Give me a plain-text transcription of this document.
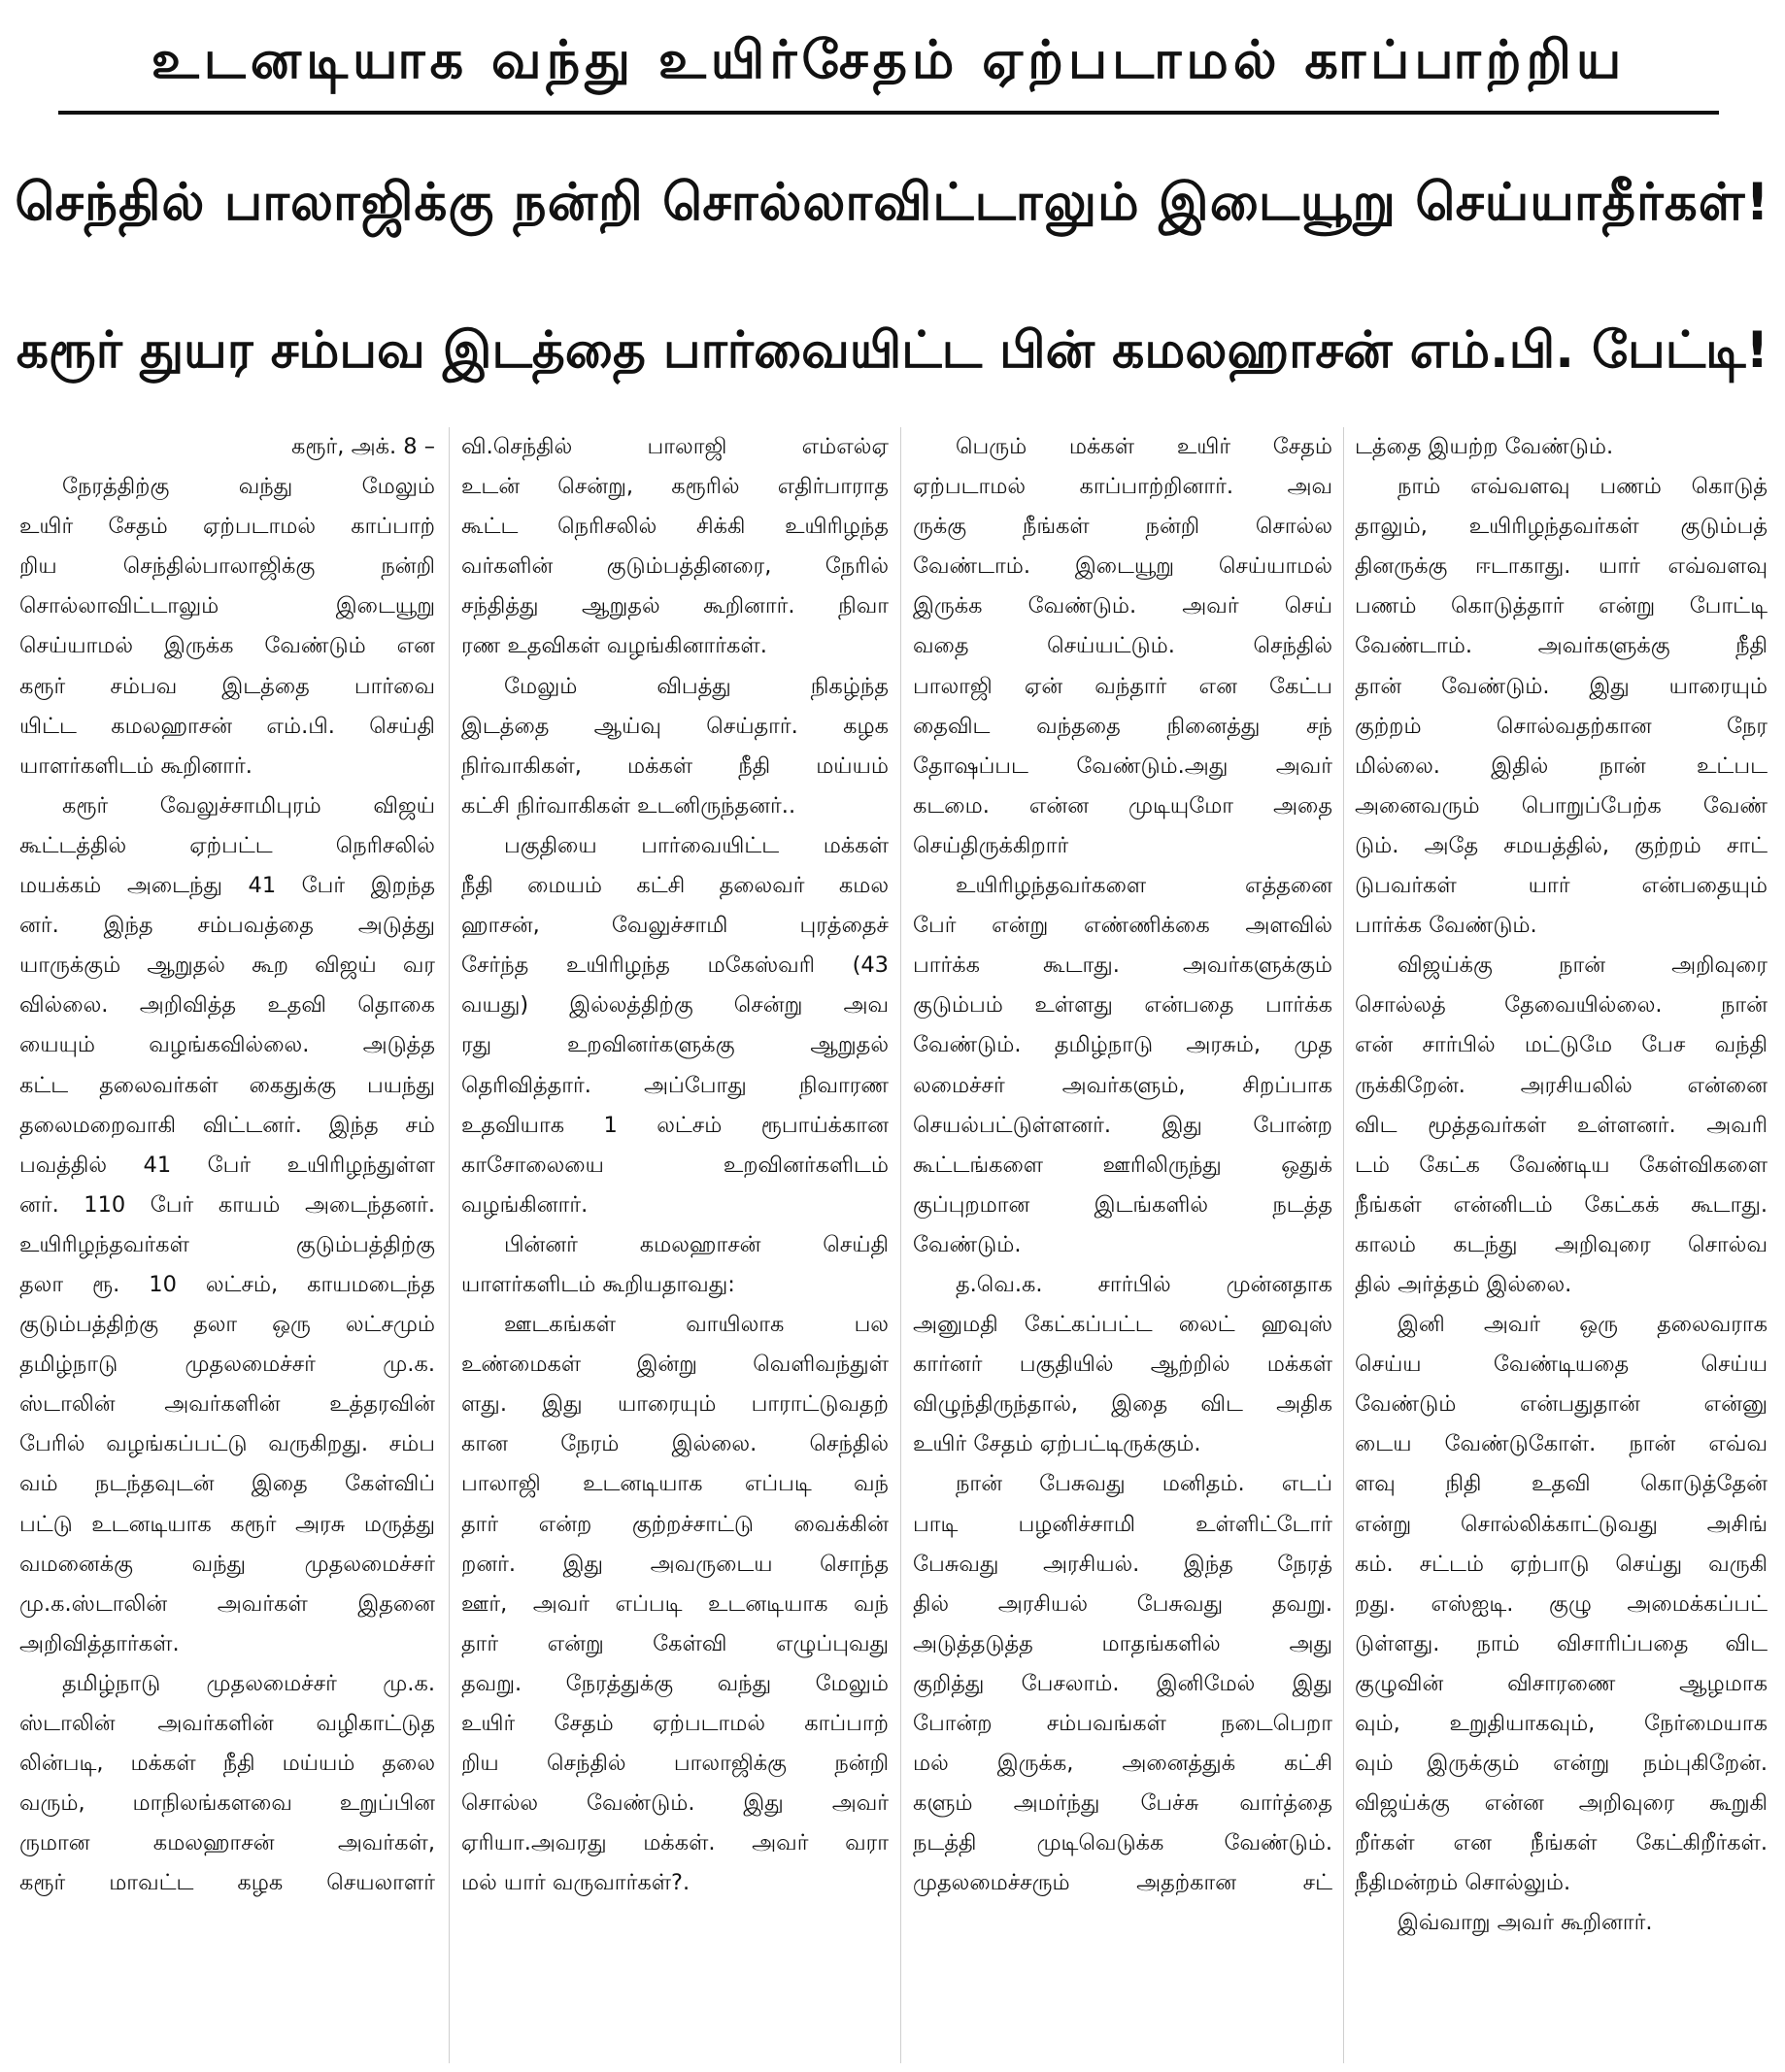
உடனடியாக வந்து உயிர்சேதம் ஏற்படாமல் காப்பாற்றிய
செந்தில் பாலாஜிக்கு நன்றி சொல்லாவிட்டாலும் இடையூறு செய்யாதீர்கள்!
கரூர் துயர சம்பவ இடத்தை பார்வையிட்ட பின் கமலஹாசன் எம்.பி. பேட்டி!
கரூர், அக். 8 –
நேரத்திற்கு வந்து மேலும்
உயிர் சேதம் ஏற்படாமல் காப்பாற்
றிய செந்தில்பாலாஜிக்கு நன்றி
சொல்லாவிட்டாலும் இடையூறு
செய்யாமல் இருக்க வேண்டும் என
கரூர் சம்பவ இடத்தை பார்வை
யிட்ட கமலஹாசன் எம்.பி. செய்தி
யாளர்களிடம் கூறினார்.
கரூர் வேலுச்சாமிபுரம் விஜய்
கூட்டத்தில் ஏற்பட்ட நெரிசலில்
மயக்கம் அடைந்து 41 பேர் இறந்த
னர். இந்த சம்பவத்தை அடுத்து
யாருக்கும் ஆறுதல் கூற விஜய் வர
வில்லை. அறிவித்த உதவி தொகை
யையும் வழங்கவில்லை. அடுத்த
கட்ட தலைவர்கள் கைதுக்கு பயந்து
தலைமறைவாகி விட்டனர். இந்த சம்
பவத்தில் 41 பேர் உயிரிழந்துள்ள
னர். 110 பேர் காயம் அடைந்தனர்.
உயிரிழந்தவர்கள் குடும்பத்திற்கு
தலா ரூ. 10 லட்சம், காயமடைந்த
குடும்பத்திற்கு தலா ஒரு லட்சமும்
தமிழ்நாடு முதலமைச்சர் மு.க.
ஸ்டாலின் அவர்களின் உத்தரவின்
பேரில் வழங்கப்பட்டு வருகிறது. சம்ப
வம் நடந்தவுடன் இதை கேள்விப்
பட்டு உடனடியாக கரூர் அரசு மருத்து
வமனைக்கு வந்து முதலமைச்சர்
மு.க.ஸ்டாலின் அவர்கள் இதனை
அறிவித்தார்கள்.
தமிழ்நாடு முதலமைச்சர் மு.க.
ஸ்டாலின் அவர்களின் வழிகாட்டுத
லின்படி, மக்கள் நீதி மய்யம் தலை
வரும், மாநிலங்களவை உறுப்பின
ருமான கமலஹாசன் அவர்கள்,
கரூர் மாவட்ட கழக செயலாளர்
வி.செந்தில் பாலாஜி எம்எல்ஏ
உடன் சென்று, கரூரில் எதிர்பாராத
கூட்ட நெரிசலில் சிக்கி உயிரிழந்த
வர்களின் குடும்பத்தினரை, நேரில்
சந்தித்து ஆறுதல் கூறினார். நிவா
ரண உதவிகள் வழங்கினார்கள்.
மேலும் விபத்து நிகழ்ந்த
இடத்தை ஆய்வு செய்தார். கழக
நிர்வாகிகள், மக்கள் நீதி மய்யம்
கட்சி நிர்வாகிகள் உடனிருந்தனர்..
பகுதியை பார்வையிட்ட மக்கள்
நீதி மையம் கட்சி தலைவர் கமல
ஹாசன், வேலுச்சாமி புரத்தைச்
சேர்ந்த உயிரிழந்த மகேஸ்வரி (43
வயது) இல்லத்திற்கு சென்று அவ
ரது உறவினர்களுக்கு ஆறுதல்
தெரிவித்தார். அப்போது நிவாரண
உதவியாக 1 லட்சம் ரூபாய்க்கான
காசோலையை உறவினர்களிடம்
வழங்கினார்.
பின்னர் கமலஹாசன் செய்தி
யாளர்களிடம் கூறியதாவது:
ஊடகங்கள் வாயிலாக பல
உண்மைகள் இன்று வெளிவந்துள்
ளது. இது யாரையும் பாராட்டுவதற்
கான நேரம் இல்லை. செந்தில்
பாலாஜி உடனடியாக எப்படி வந்
தார் என்ற குற்றச்சாட்டு வைக்கின்
றனர். இது அவருடைய சொந்த
ஊர், அவர் எப்படி உடனடியாக வந்
தார் என்று கேள்வி எழுப்புவது
தவறு. நேரத்துக்கு வந்து மேலும்
உயிர் சேதம் ஏற்படாமல் காப்பாற்
றிய செந்தில் பாலாஜிக்கு நன்றி
சொல்ல வேண்டும். இது அவர்
ஏரியா.அவரது மக்கள். அவர் வரா
மல் யார் வருவார்கள்?.
பெரும் மக்கள் உயிர் சேதம்
ஏற்படாமல் காப்பாற்றினார். அவ
ருக்கு நீங்கள் நன்றி சொல்ல
வேண்டாம். இடையூறு செய்யாமல்
இருக்க வேண்டும். அவர் செய்
வதை செய்யட்டும். செந்தில்
பாலாஜி ஏன் வந்தார் என கேட்ப
தைவிட வந்ததை நினைத்து சந்
தோஷப்பட வேண்டும்.அது அவர்
கடமை. என்ன முடியுமோ அதை
செய்திருக்கிறார்
உயிரிழந்தவர்களை எத்தனை
பேர் என்று எண்ணிக்கை அளவில்
பார்க்க கூடாது. அவர்களுக்கும்
குடும்பம் உள்ளது என்பதை பார்க்க
வேண்டும். தமிழ்நாடு அரசும், முத
லமைச்சர் அவர்களும், சிறப்பாக
செயல்பட்டுள்ளனர். இது போன்ற
கூட்டங்களை ஊரிலிருந்து ஒதுக்
குப்புறமான இடங்களில் நடத்த
வேண்டும்.
த.வெ.க. சார்பில் முன்னதாக
அனுமதி கேட்கப்பட்ட லைட் ஹவுஸ்
கார்னர் பகுதியில் ஆற்றில் மக்கள்
விழுந்திருந்தால், இதை விட அதிக
உயிர் சேதம் ஏற்பட்டிருக்கும்.
நான் பேசுவது மனிதம். எடப்
பாடி பழனிச்சாமி உள்ளிட்டோர்
பேசுவது அரசியல். இந்த நேரத்
தில் அரசியல் பேசுவது தவறு.
அடுத்தடுத்த மாதங்களில் அது
குறித்து பேசலாம். இனிமேல் இது
போன்ற சம்பவங்கள் நடைபெறா
மல் இருக்க, அனைத்துக் கட்சி
களும் அமர்ந்து பேச்சு வார்த்தை
நடத்தி முடிவெடுக்க வேண்டும்.
முதலமைச்சரும் அதற்கான சட்
டத்தை இயற்ற வேண்டும்.
நாம் எவ்வளவு பணம் கொடுத்
தாலும், உயிரிழந்தவர்கள் குடும்பத்
தினருக்கு ஈடாகாது. யார் எவ்வளவு
பணம் கொடுத்தார் என்று போட்டி
வேண்டாம். அவர்களுக்கு நீதி
தான் வேண்டும். இது யாரையும்
குற்றம் சொல்வதற்கான நேர
மில்லை. இதில் நான் உட்பட
அனைவரும் பொறுப்பேற்க வேண்
டும். அதே சமயத்தில், குற்றம் சாட்
டுபவர்கள் யார் என்பதையும்
பார்க்க வேண்டும்.
விஜய்க்கு நான் அறிவுரை
சொல்லத் தேவையில்லை. நான்
என் சார்பில் மட்டுமே பேச வந்தி
ருக்கிறேன். அரசியலில் என்னை
விட மூத்தவர்கள் உள்ளனர். அவரி
டம் கேட்க வேண்டிய கேள்விகளை
நீங்கள் என்னிடம் கேட்கக் கூடாது.
காலம் கடந்து அறிவுரை சொல்வ
தில் அர்த்தம் இல்லை.
இனி அவர் ஒரு தலைவராக
செய்ய வேண்டியதை செய்ய
வேண்டும் என்பதுதான் என்னு
டைய வேண்டுகோள். நான் எவ்வ
ளவு நிதி உதவி கொடுத்தேன்
என்று சொல்லிக்காட்டுவது அசிங்
கம். சட்டம் ஏற்பாடு செய்து வருகி
றது. எஸ்ஐடி. குழு அமைக்கப்பட்
டுள்ளது. நாம் விசாரிப்பதை விட
குழுவின் விசாரணை ஆழமாக
வும், உறுதியாகவும், நேர்மையாக
வும் இருக்கும் என்று நம்புகிறேன்.
விஜய்க்கு என்ன அறிவுரை கூறுகி
றீர்கள் என நீங்கள் கேட்கிறீர்கள்.
நீதிமன்றம் சொல்லும்.
இவ்வாறு அவர் கூறினார்.
